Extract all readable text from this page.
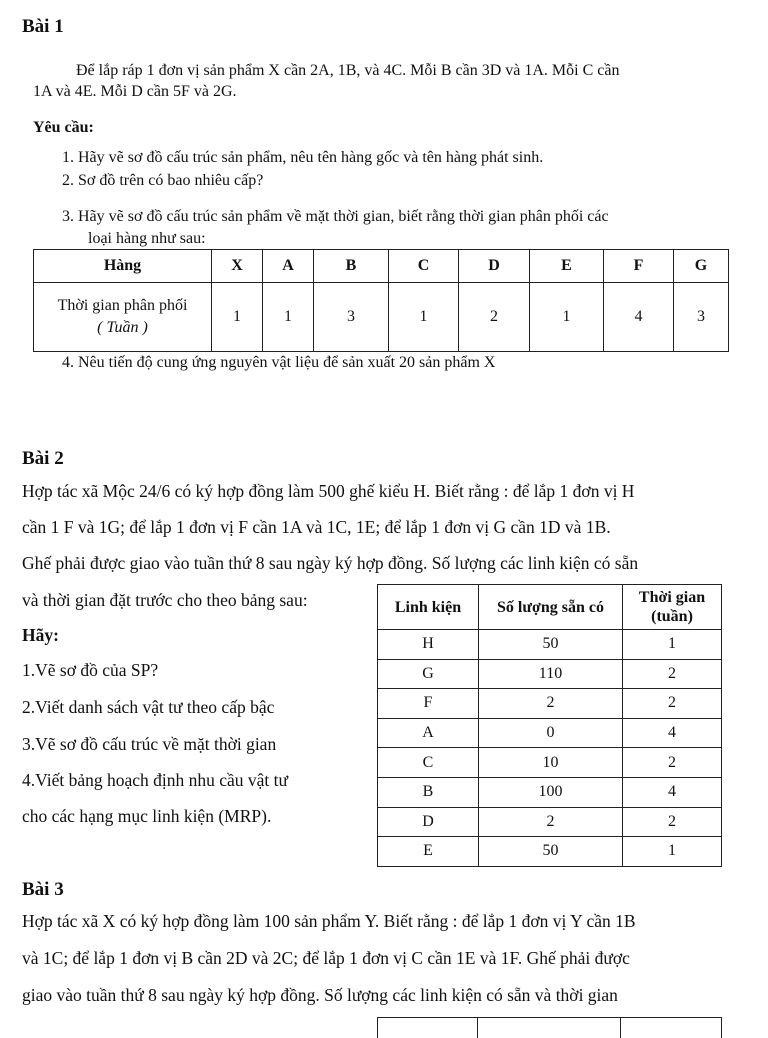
Bài 1
Để lắp ráp 1 đơn vị sản phẩm X cần 2A, 1B, và 4C. Mỗi B cần 3D và 1A. Mỗi C cần
1A và 4E. Mỗi D cần 5F và 2G.
Yêu cầu:
1. Hãy vẽ sơ đồ cấu trúc sản phẩm, nêu tên hàng gốc và tên hàng phát sinh.
2. Sơ đồ trên có bao nhiêu cấp?
3. Hãy vẽ sơ đồ cấu trúc sản phẩm về mặt thời gian, biết rằng thời gian phân phối các
loại hàng như sau:
Hàng	X	A	B	C	D	E	F	G
Thời gian phân phối
( Tuần )	1	1	3	1	2	1	4	3
4. Nêu tiến độ cung ứng nguyên vật liệu để sản xuất 20 sản phẩm X
Bài 2
Hợp tác xã Mộc 24/6 có ký hợp đồng làm 500 ghế kiểu H. Biết rằng : để lắp 1 đơn vị H
cần 1 F và 1G; để lắp 1 đơn vị F cần 1A và 1C, 1E; để lắp 1 đơn vị G cần 1D và 1B.
Ghế phải được giao vào tuần thứ 8 sau ngày ký hợp đồng. Số lượng các linh kiện có sẵn
và thời gian đặt trước cho theo bảng sau:
Hãy:
1.Vẽ sơ đồ của SP?
2.Viết danh sách vật tư theo cấp bậc
3.Vẽ sơ đồ cấu trúc về mặt thời gian
4.Viết bảng hoạch định nhu cầu vật tư
cho các hạng mục linh kiện (MRP).
Linh kiện	Số lượng sẵn có	Thời gian
(tuần)
H	50	1
G	110	2
F	2	2
A	0	4
C	10	2
B	100	4
D	2	2
E	50	1
Bài 3
Hợp tác xã X có ký hợp đồng làm 100 sản phẩm Y. Biết rằng : để lắp 1 đơn vị Y cần 1B
và 1C; để lắp 1 đơn vị B cần 2D và 2C; để lắp 1 đơn vị C cần 1E và 1F. Ghế phải được
giao vào tuần thứ 8 sau ngày ký hợp đồng. Số lượng các linh kiện có sẵn và thời gian
